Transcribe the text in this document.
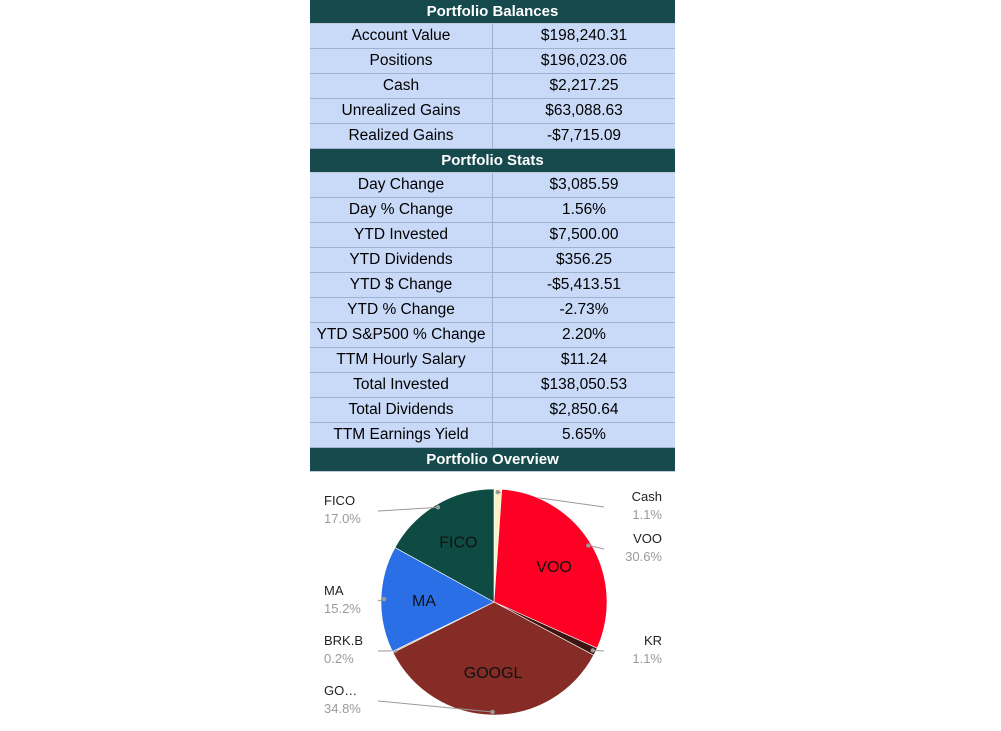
Portfolio Balances
Account Value	$198,240.31
Positions	$196,023.06
Cash	$2,217.25
Unrealized Gains	$63,088.63
Realized Gains	-$7,715.09
Portfolio Stats
Day Change	$3,085.59
Day % Change	1.56%
YTD Invested	$7,500.00
YTD Dividends	$356.25
YTD $ Change	-$5,413.51
YTD % Change	-2.73%
YTD S&P500 % Change	2.20%
TTM Hourly Salary	$11.24
Total Invested	$138,050.53
Total Dividends	$2,850.64
TTM Earnings Yield	5.65%
Portfolio Overview
Cash
1.1%
VOO
30.6%
VOO
KR
1.1%
GO…
34.8%
GOOGL
BRK.B
0.2%
MA
15.2%	MA
FICO
17.0%
FICO
